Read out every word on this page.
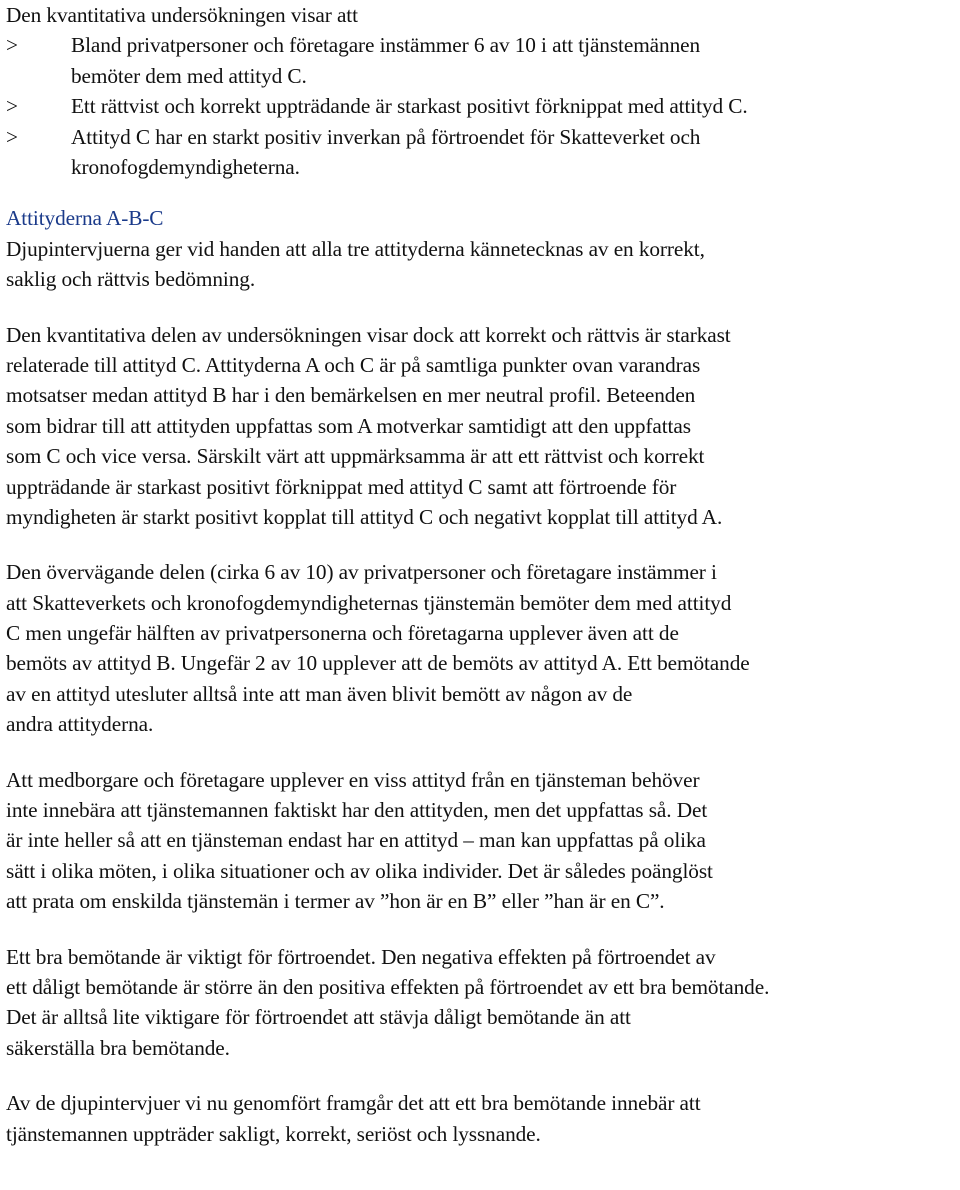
Den kvantitativa undersökningen visar att
>	Bland privatpersoner och företagare instämmer 6 av 10 i att tjänstemännen
bemöter dem med attityd C.
>	Ett rättvist och korrekt uppträdande är starkast positivt förknippat med attityd C.
>	Attityd C har en starkt positiv inverkan på förtroendet för Skatteverket och
kronofogdemyndigheterna.
Attityderna A-B-C
Djupintervjuerna ger vid handen att alla tre attityderna kännetecknas av en korrekt,
saklig och rättvis bedömning.
Den kvantitativa delen av undersökningen visar dock att korrekt och rättvis är starkast
relaterade till attityd C. Attityderna A och C är på samtliga punkter ovan varandras
motsatser medan attityd B har i den bemärkelsen en mer neutral profil. Beteenden
som bidrar till att attityden uppfattas som A motverkar samtidigt att den uppfattas
som C och vice versa. Särskilt värt att uppmärksamma är att ett rättvist och korrekt
uppträdande är starkast positivt förknippat med attityd C samt att förtroende för
myndigheten är starkt positivt kopplat till attityd C och negativt kopplat till attityd A.
Den övervägande delen (cirka 6 av 10) av privatpersoner och företagare instämmer i
att Skatteverkets och kronofogdemyndigheternas tjänstemän bemöter dem med attityd
C men ungefär hälften av privatpersonerna och företagarna upplever även att de
bemöts av attityd B. Ungefär 2 av 10 upplever att de bemöts av attityd A. Ett bemötande
av en attityd utesluter alltså inte att man även blivit bemött av någon av de
andra attityderna.
Att medborgare och företagare upplever en viss attityd från en tjänsteman behöver
inte innebära att tjänstemannen faktiskt har den attityden, men det uppfattas så. Det
är inte heller så att en tjänsteman endast har en attityd – man kan uppfattas på olika
sätt i olika möten, i olika situationer och av olika individer. Det är således poänglöst
att prata om enskilda tjänstemän i termer av ”hon är en B” eller ”han är en C”.
Ett bra bemötande är viktigt för förtroendet. Den negativa effekten på förtroendet av
ett dåligt bemötande är större än den positiva effekten på förtroendet av ett bra bemötande.
Det är alltså lite viktigare för förtroendet att stävja dåligt bemötande än att
säkerställa bra bemötande.
Av de djupintervjuer vi nu genomfört framgår det att ett bra bemötande innebär att
tjänstemannen uppträder sakligt, korrekt, seriöst och lyssnande.
